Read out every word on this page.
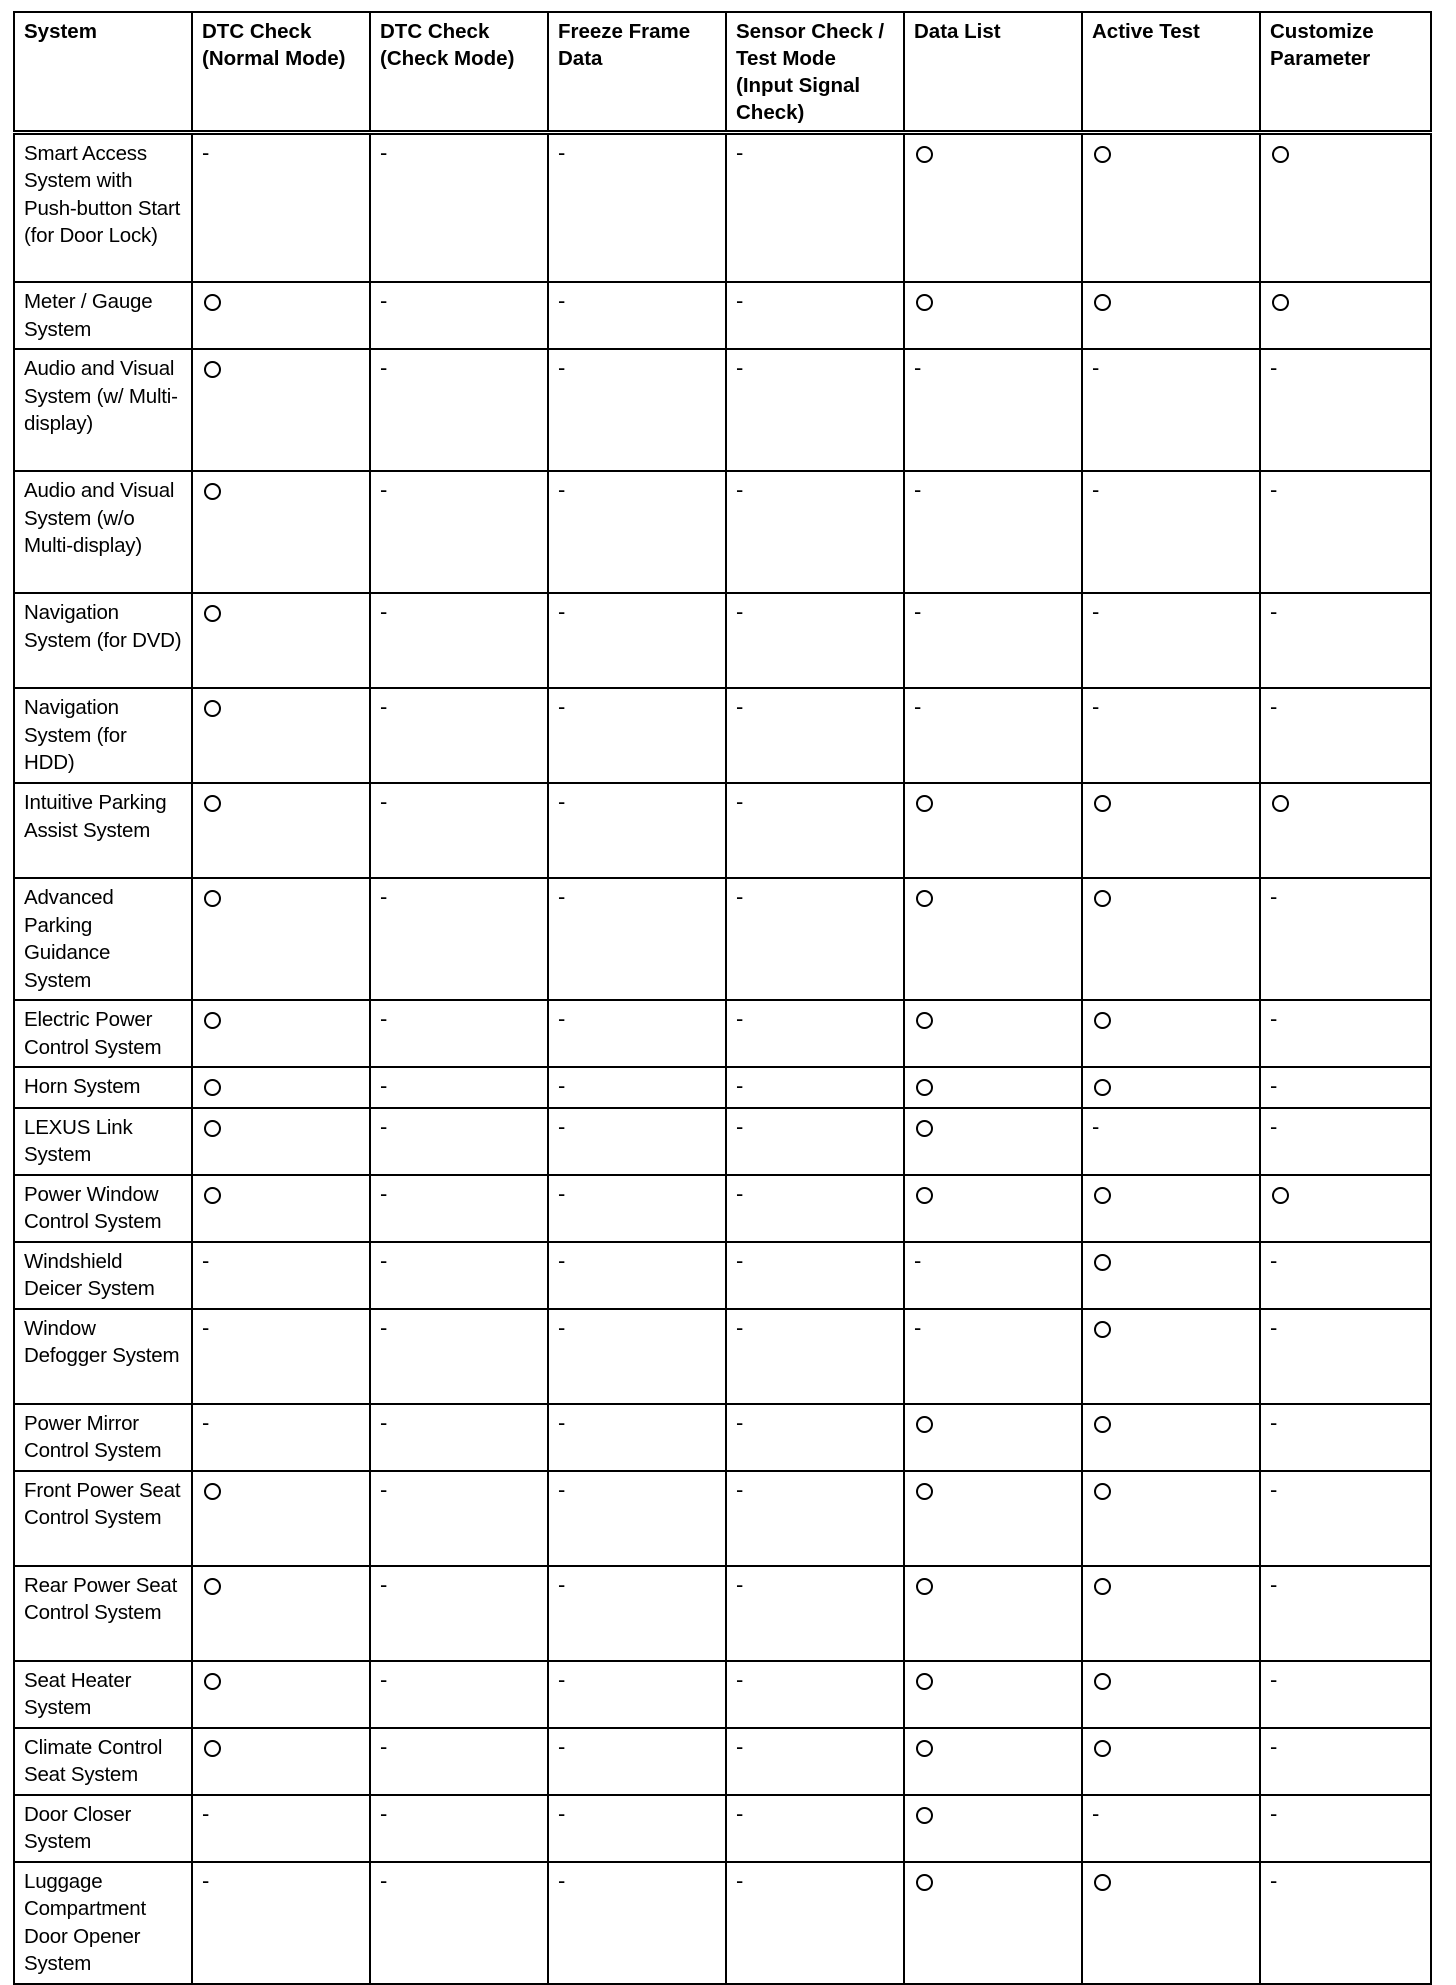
System	DTC Check (Normal Mode)	DTC Check (Check Mode)	Freeze Frame Data	Sensor Check / Test Mode (Input Signal Check)	Data List	Active Test	Customize Parameter
Smart Access System with Push-button Start (for Door Lock)	-	-	-	-			
Meter / Gauge System		-	-	-			
Audio and Visual System (w/ Multi-display)		-	-	-	-	-	-
Audio and Visual System (w/o Multi-display)		-	-	-	-	-	-
Navigation System (for DVD)		-	-	-	-	-	-
Navigation System (for HDD)		-	-	-	-	-	-
Intuitive Parking Assist System		-	-	-			
Advanced Parking Guidance System		-	-	-			-
Electric Power Control System		-	-	-			-
Horn System		-	-	-			-
LEXUS Link System		-	-	-		-	-
Power Window Control System		-	-	-			
Windshield Deicer System	-	-	-	-	-		-
Window Defogger System	-	-	-	-	-		-
Power Mirror Control System	-	-	-	-			-
Front Power Seat Control System		-	-	-			-
Rear Power Seat Control System		-	-	-			-
Seat Heater System		-	-	-			-
Climate Control Seat System		-	-	-			-
Door Closer System	-	-	-	-		-	-
Luggage Compartment Door Opener System	-	-	-	-			-
